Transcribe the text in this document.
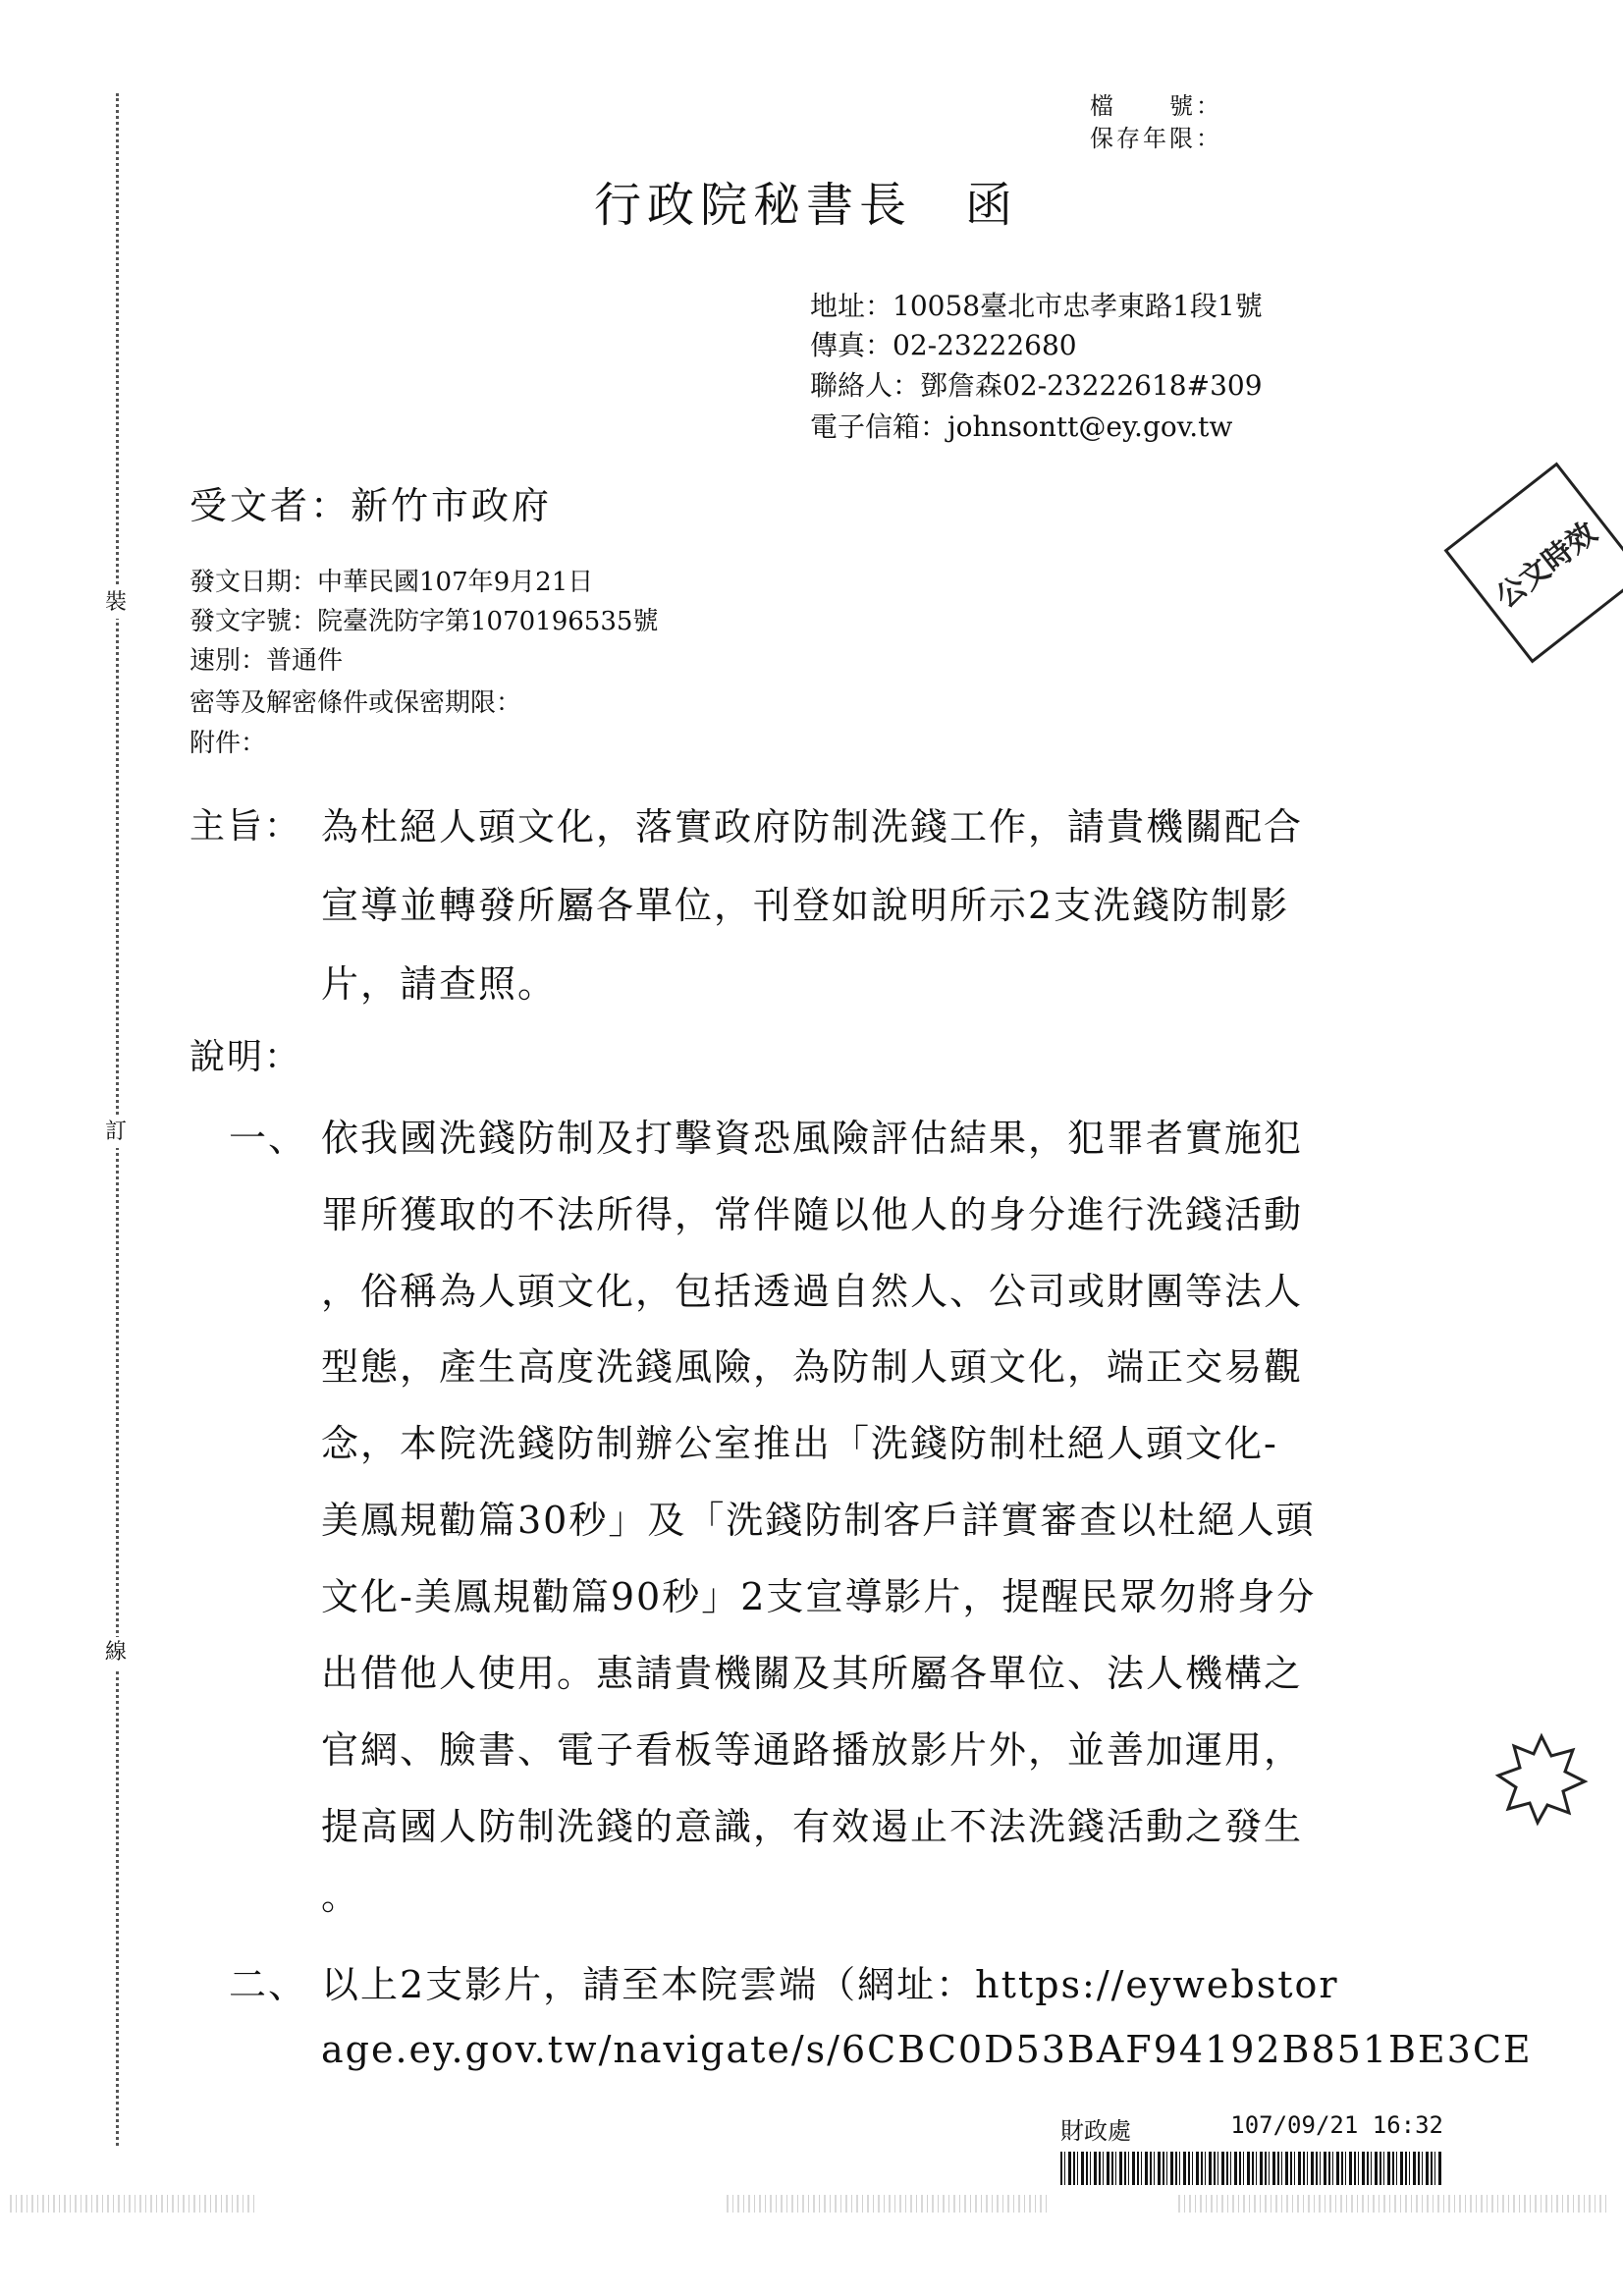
裝
訂
線
檔　　號：
保存年限：
行政院秘書長　函
地址：10058臺北市忠孝東路1段1號
傳真：02-23222680
聯絡人：鄧詹森02-23222618#309
電子信箱：johnsontt@ey.gov.tw
受文者：新竹市政府
發文日期：中華民國107年9月21日
發文字號：院臺洗防字第1070196535號
速別：普通件
密等及解密條件或保密期限：
附件：
主旨： 為杜絕人頭文化，落實政府防制洗錢工作，請貴機關配合
宣導並轉發所屬各單位，刊登如說明所示2支洗錢防制影
片，請查照。
說明：
一、 依我國洗錢防制及打擊資恐風險評估結果，犯罪者實施犯
罪所獲取的不法所得，常伴隨以他人的身分進行洗錢活動
，俗稱為人頭文化，包括透過自然人、公司或財團等法人
型態，產生高度洗錢風險，為防制人頭文化，端正交易觀
念，本院洗錢防制辦公室推出「洗錢防制杜絕人頭文化-
美鳳規勸篇30秒」及「洗錢防制客戶詳實審查以杜絕人頭
文化-美鳳規勸篇90秒」2支宣導影片，提醒民眾勿將身分
出借他人使用。惠請貴機關及其所屬各單位、法人機構之
官網、臉書、電子看板等通路播放影片外，並善加運用，
提高國人防制洗錢的意識，有效遏止不法洗錢活動之發生
。
二、 以上2支影片，請至本院雲端（網址：https://eywebstor
age.ey.gov.tw/navigate/s/6CBC0D53BAF94192B851BE3CE
公文時效
財政處	107/09/21 16:32
